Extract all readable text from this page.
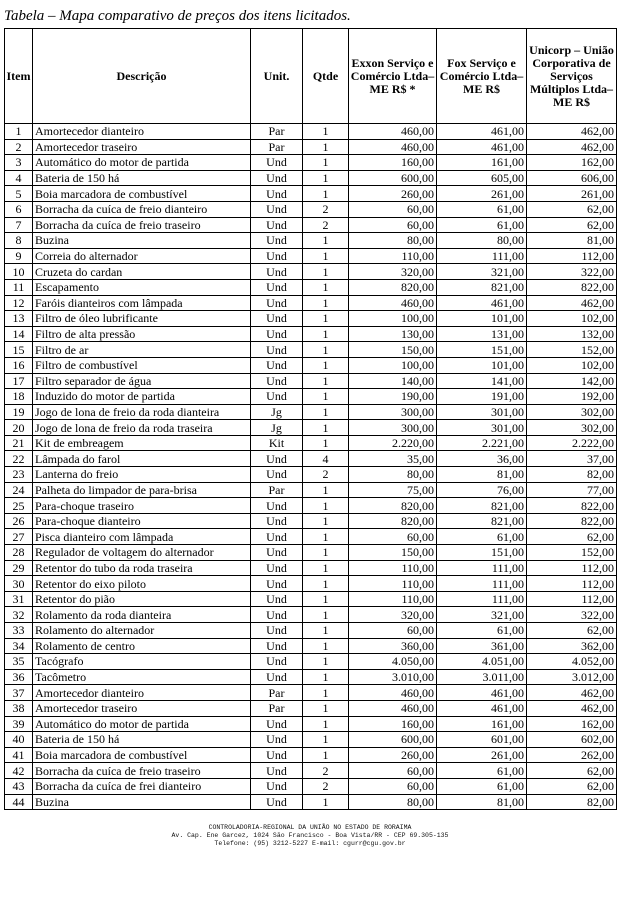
Tabela – Mapa comparativo de preços dos itens licitados.
Item	Descrição	Unit.	Qtde	Exxon Serviço e Comércio Ltda–ME R$ *	Fox Serviço e Comércio Ltda–ME R$	Unicorp – União Corporativa de Serviços Múltiplos Ltda–ME R$
1	Amortecedor dianteiro	Par	1	460,00	461,00	462,00
2	Amortecedor traseiro	Par	1	460,00	461,00	462,00
3	Automático do motor de partida	Und	1	160,00	161,00	162,00
4	Bateria de 150 há	Und	1	600,00	605,00	606,00
5	Boia marcadora de combustível	Und	1	260,00	261,00	261,00
6	Borracha da cuíca de freio dianteiro	Und	2	60,00	61,00	62,00
7	Borracha da cuíca de freio traseiro	Und	2	60,00	61,00	62,00
8	Buzina	Und	1	80,00	80,00	81,00
9	Correia do alternador	Und	1	110,00	111,00	112,00
10	Cruzeta do cardan	Und	1	320,00	321,00	322,00
11	Escapamento	Und	1	820,00	821,00	822,00
12	Faróis dianteiros com lâmpada	Und	1	460,00	461,00	462,00
13	Filtro de óleo lubrificante	Und	1	100,00	101,00	102,00
14	Filtro de alta pressão	Und	1	130,00	131,00	132,00
15	Filtro de ar	Und	1	150,00	151,00	152,00
16	Filtro de combustível	Und	1	100,00	101,00	102,00
17	Filtro separador de água	Und	1	140,00	141,00	142,00
18	Induzido do motor de partida	Und	1	190,00	191,00	192,00
19	Jogo de lona de freio da roda dianteira	Jg	1	300,00	301,00	302,00
20	Jogo de lona de freio da roda traseira	Jg	1	300,00	301,00	302,00
21	Kit de embreagem	Kit	1	2.220,00	2.221,00	2.222,00
22	Lâmpada do farol	Und	4	35,00	36,00	37,00
23	Lanterna do freio	Und	2	80,00	81,00	82,00
24	Palheta do limpador de para-brisa	Par	1	75,00	76,00	77,00
25	Para-choque traseiro	Und	1	820,00	821,00	822,00
26	Para-choque dianteiro	Und	1	820,00	821,00	822,00
27	Pisca dianteiro com lâmpada	Und	1	60,00	61,00	62,00
28	Regulador de voltagem do alternador	Und	1	150,00	151,00	152,00
29	Retentor do tubo da roda traseira	Und	1	110,00	111,00	112,00
30	Retentor do eixo piloto	Und	1	110,00	111,00	112,00
31	Retentor do pião	Und	1	110,00	111,00	112,00
32	Rolamento da roda dianteira	Und	1	320,00	321,00	322,00
33	Rolamento do alternador	Und	1	60,00	61,00	62,00
34	Rolamento de centro	Und	1	360,00	361,00	362,00
35	Tacógrafo	Und	1	4.050,00	4.051,00	4.052,00
36	Tacômetro	Und	1	3.010,00	3.011,00	3.012,00
37	Amortecedor dianteiro	Par	1	460,00	461,00	462,00
38	Amortecedor traseiro	Par	1	460,00	461,00	462,00
39	Automático do motor de partida	Und	1	160,00	161,00	162,00
40	Bateria de 150 há	Und	1	600,00	601,00	602,00
41	Boia marcadora de combustível	Und	1	260,00	261,00	262,00
42	Borracha da cuíca de freio traseiro	Und	2	60,00	61,00	62,00
43	Borracha da cuíca de frei dianteiro	Und	2	60,00	61,00	62,00
44	Buzina	Und	1	80,00	81,00	82,00
CONTROLADORIA-REGIONAL DA UNIÃO NO ESTADO DE RORAIMA
Av. Cap. Ene Garcez, 1024 São Francisco - Boa Vista/RR - CEP 69.305-135
Telefone: (95) 3212-5227 E-mail: cgurr@cgu.gov.br
